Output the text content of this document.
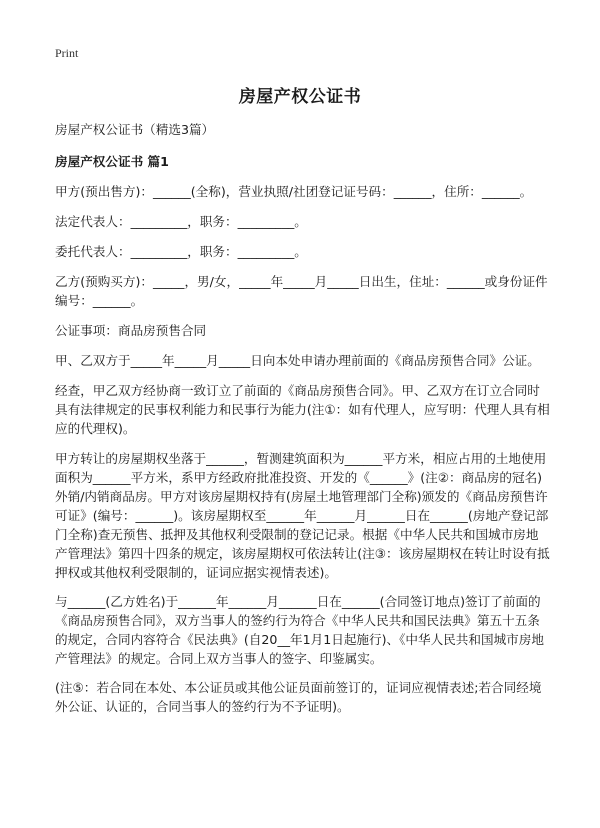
Print
房屋产权公证书

房屋产权公证书（精选3篇）

房屋产权公证书 篇1

甲方(预出售方)：______(全称)，营业执照/社团登记证号码：______，住所：______。

法定代表人：_________，职务：_________。

委托代表人：_________，职务：_________。

乙方(预购买方)：_____，男/女，_____年_____月_____日出生，住址：______或身份证件编号：______。

公证事项：商品房预售合同

甲、乙双方于_____年_____月_____日向本处申请办理前面的《商品房预售合同》公证。

经查，甲乙双方经协商一致订立了前面的《商品房预售合同》。甲、乙双方在订立合同时具有法律规定的民事权利能力和民事行为能力(注①：如有代理人，应写明：代理人具有相应的代理权)。

甲方转让的房屋期权坐落于______，暂测建筑面积为______平方米，相应占用的土地使用面积为______平方米，系甲方经政府批准投资、开发的《______》(注②：商品房的冠名)外销/内销商品房。甲方对该房屋期权持有(房屋土地管理部门全称)颁发的《商品房预售许可证》(编号：______)。该房屋期权至______年______月______日在______(房地产登记部门全称)查无预售、抵押及其他权利受限制的登记记录。根据《中华人民共和国城市房地产管理法》第四十四条的规定，该房屋期权可依法转让(注③：该房屋期权在转让时设有抵押权或其他权利受限制的，证词应据实视情表述)。

与______(乙方姓名)于______年______月______日在______(合同签订地点)签订了前面的《商品房预售合同》，双方当事人的签约行为符合《中华人民共和国民法典》第五十五条的规定，合同内容符合《民法典》(自20__年1月1日起施行)、《中华人民共和国城市房地产管理法》的规定。合同上双方当事人的签字、印鉴属实。

(注⑤：若合同在本处、本公证员或其他公证员面前签订的，证词应视情表述;若合同经境外公证、认证的，合同当事人的签约行为不予证明)。
